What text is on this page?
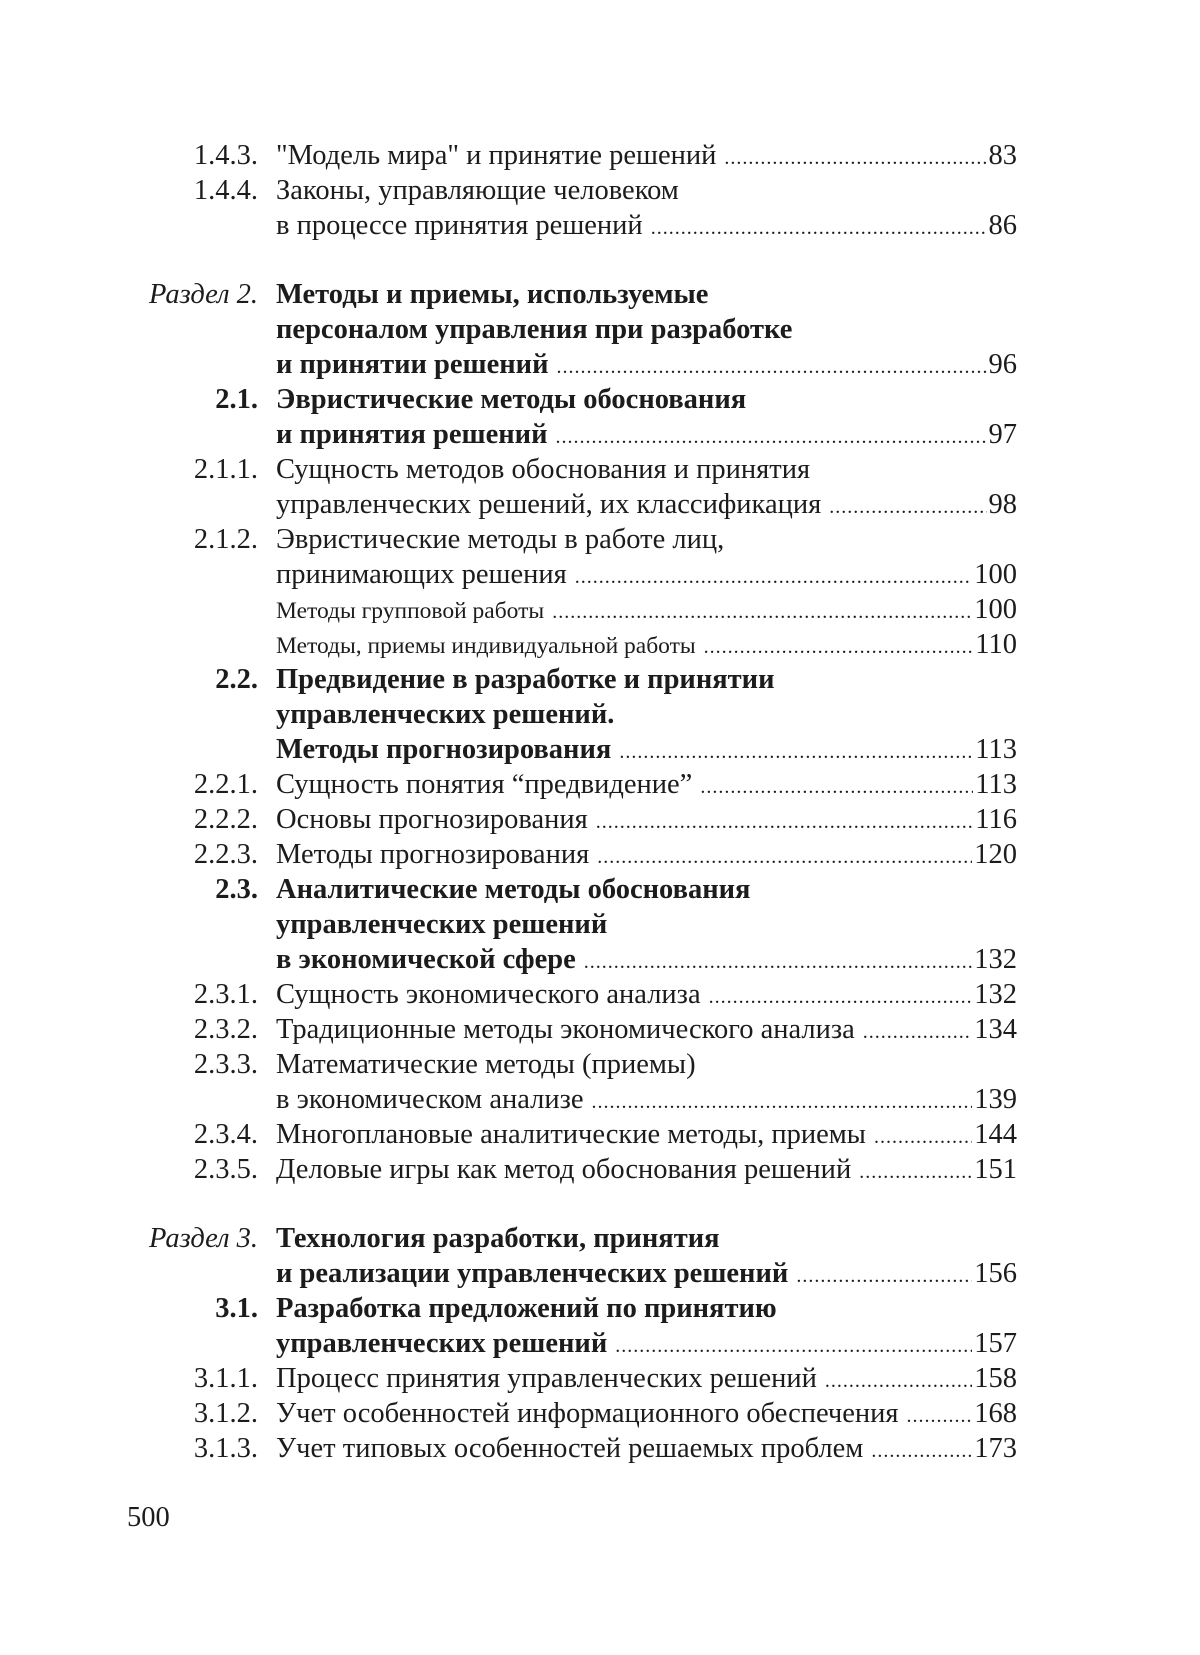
1.4.3. "Модель мира" и принятие решений .....	83
1.4.4. Законы, управляющие человеком
в процессе принятия решений .....	86
Раздел 2. Методы и приемы, используемые
персоналом управления при разработке
и принятии решений .....	96
2.1. Эвристические методы обоснования
и принятия решений .....	97
2.1.1. Сущность методов обоснования и принятия
управленческих решений, их классификация .....	98
2.1.2. Эвристические методы в работе лиц,
принимающих решения .....	100
Методы групповой работы .....	100
Методы, приемы индивидуальной работы .....	110
2.2. Предвидение в разработке и принятии
управленческих решений.
Методы прогнозирования .....	113
2.2.1. Сущность понятия “предвидение” .....	113
2.2.2. Основы прогнозирования .....	116
2.2.3. Методы прогнозирования .....	120
2.3. Аналитические методы обоснования
управленческих решений
в экономической сфере .....	132
2.3.1. Сущность экономического анализа .....	132
2.3.2. Традиционные методы экономического анализа .....	134
2.3.3. Математические методы (приемы)
в экономическом анализе .....	139
2.3.4. Многоплановые аналитические методы, приемы .....	144
2.3.5. Деловые игры как метод обоснования решений .....	151
Раздел 3. Технология разработки, принятия
и реализации управленческих решений .....	156
3.1. Разработка предложений по принятию
управленческих решений .....	157
3.1.1. Процесс принятия управленческих решений .....	158
3.1.2. Учет особенностей информационного обеспечения .....	168
3.1.3. Учет типовых особенностей решаемых проблем .....	173
500
